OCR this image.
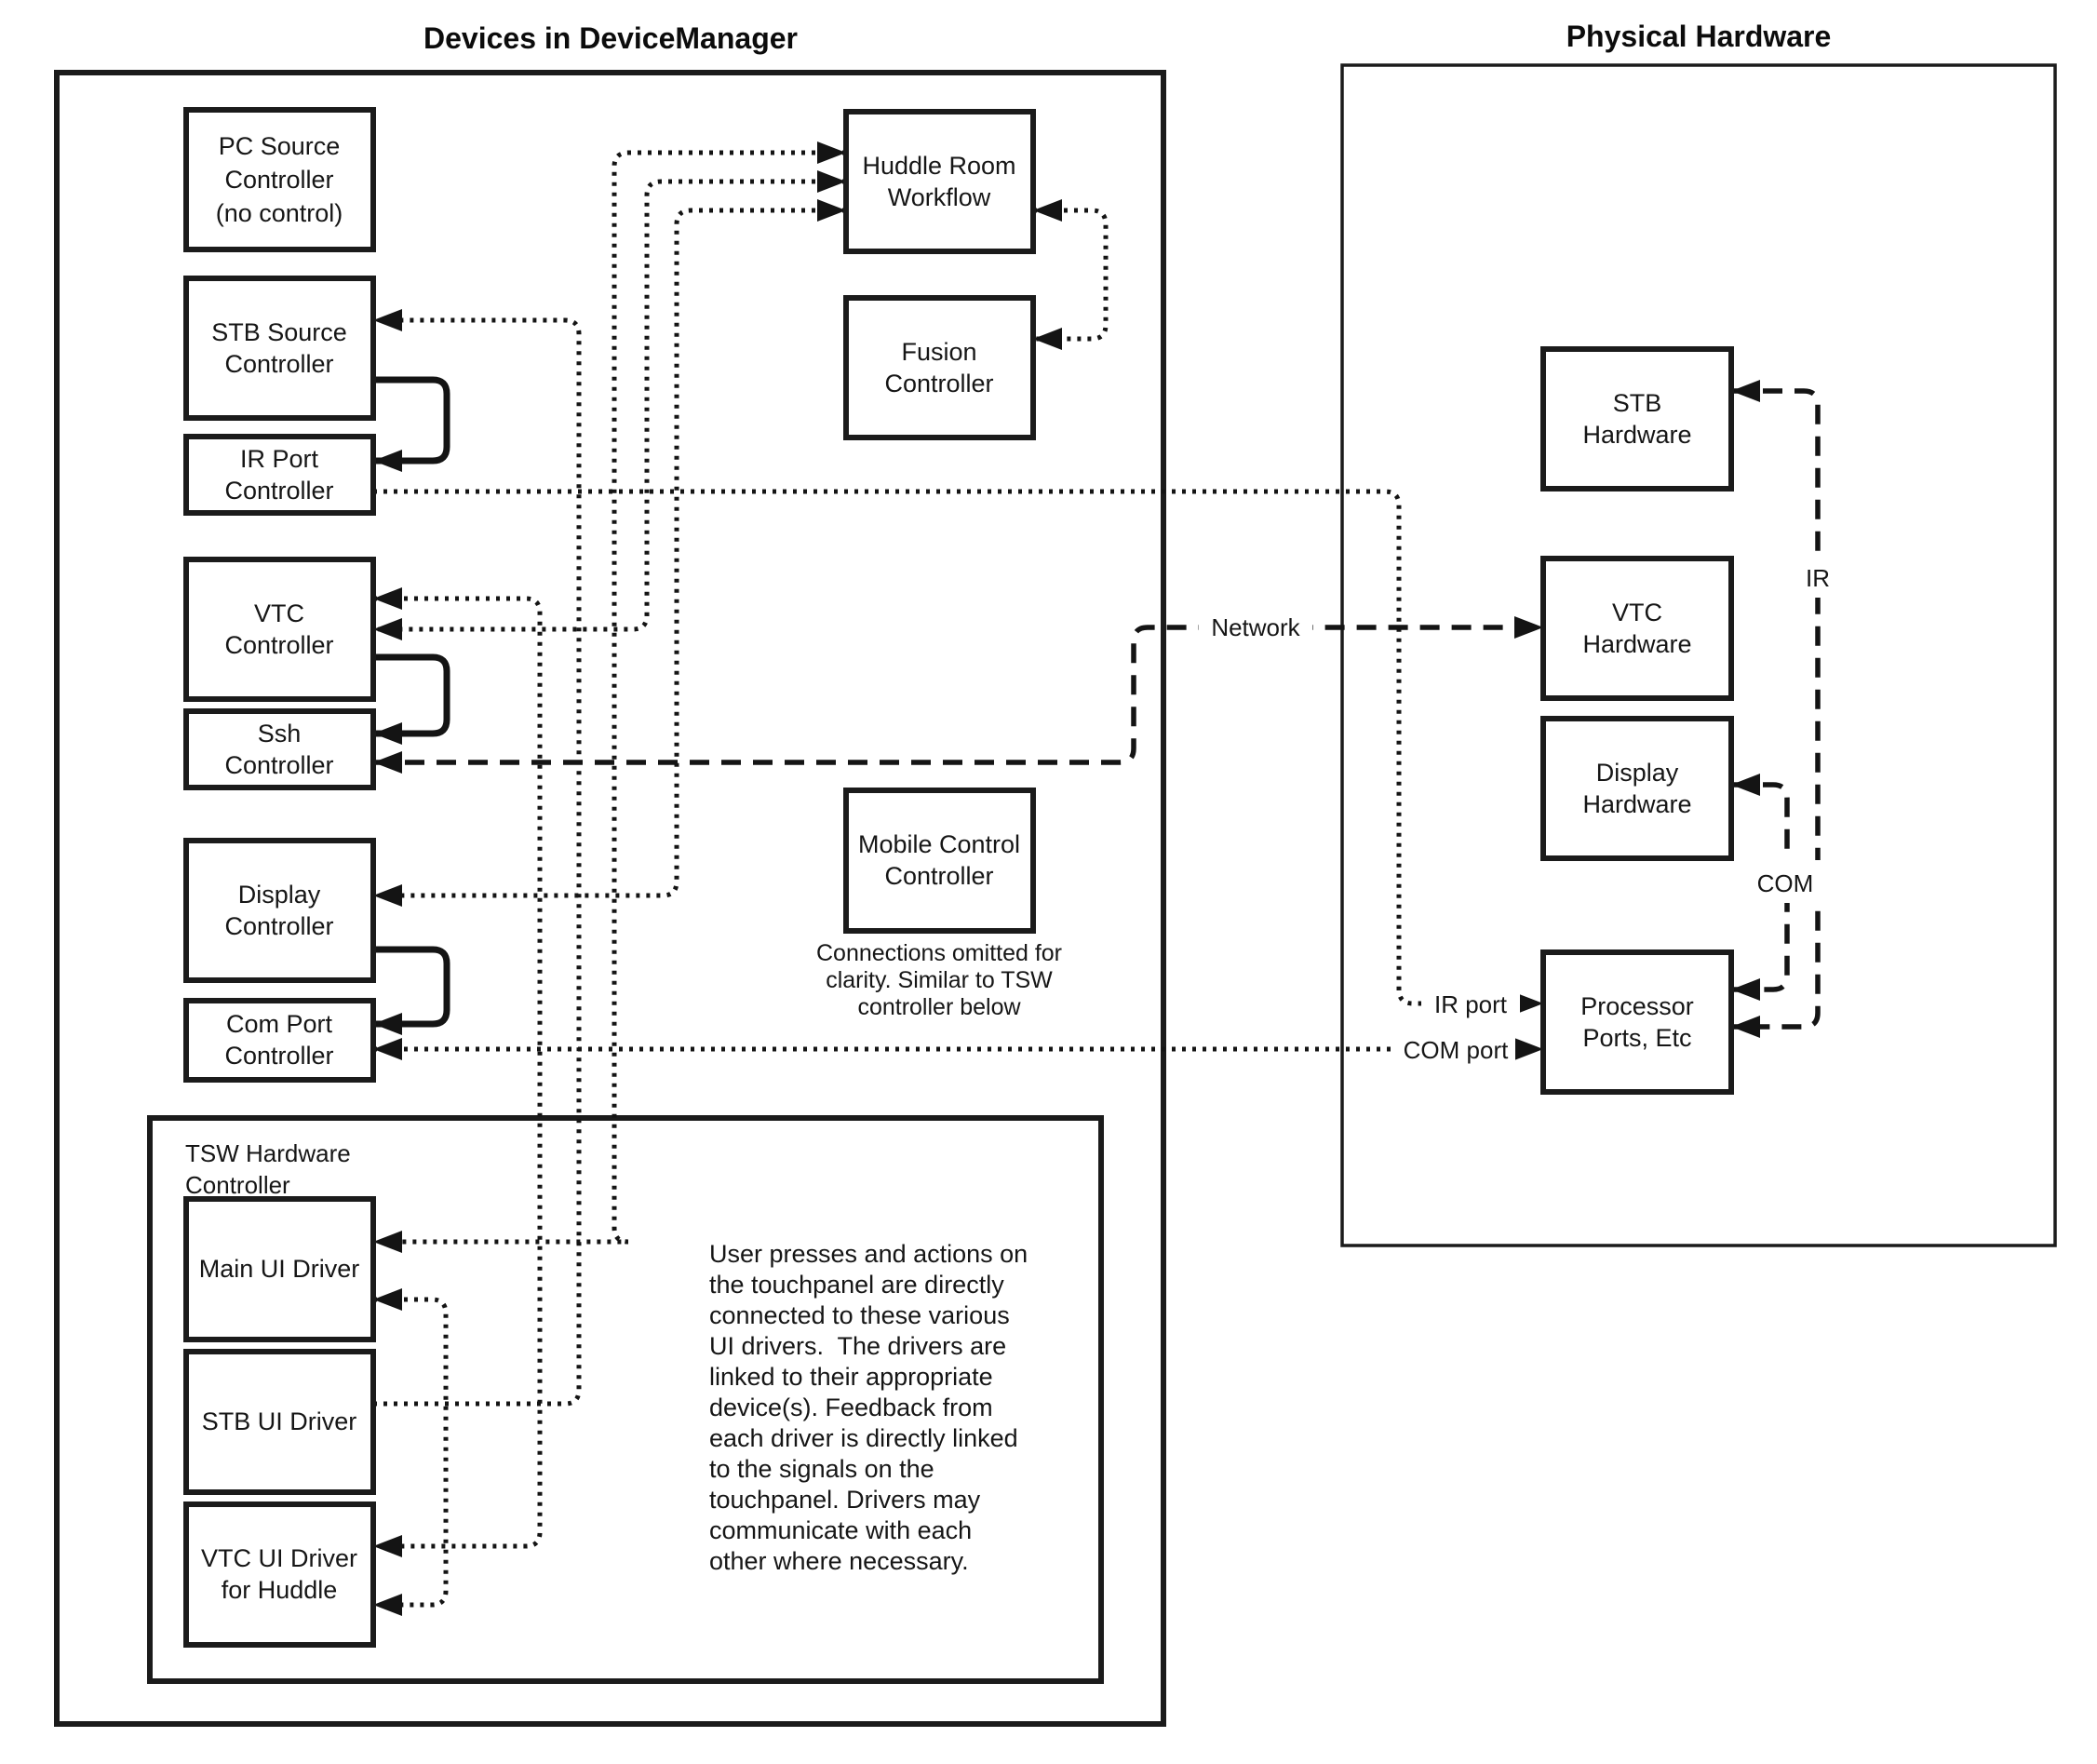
Devices in DeviceManager	Physical Hardware
TSW Hardware
Controller
Network
IR
COM
IR port
COM port
PC Source
Controller
(no control)
STB Source
Controller
IR Port
Controller
VTC
Controller
Ssh
Controller
Display
Controller
Com Port
Controller
Huddle Room
Workflow
Fusion
Controller
Mobile Control
Controller
Connections omitted for
clarity. Similar to TSW
controller below
Main UI Driver
STB UI Driver
VTC UI Driver
for Huddle
User presses and actions on
the touchpanel are directly
connected to these various
UI drivers.  The drivers are
linked to their appropriate
device(s). Feedback from
each driver is directly linked
to the signals on the
touchpanel. Drivers may
communicate with each
other where necessary.
STB
Hardware
VTC
Hardware
Display
Hardware
Processor
Ports, Etc
